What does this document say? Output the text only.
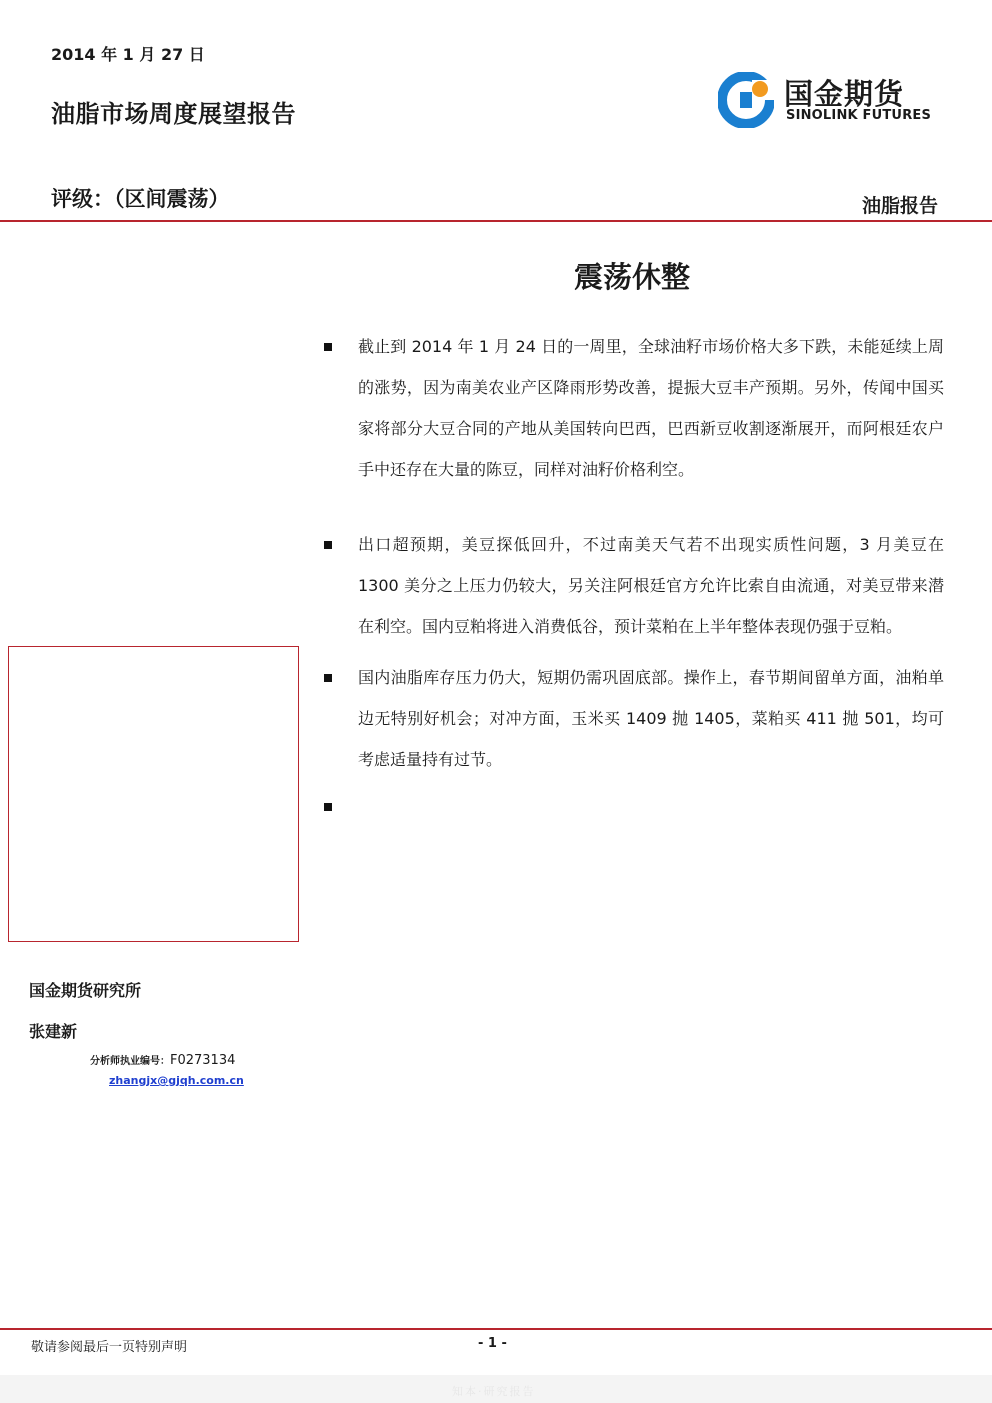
2014 年 1 月 27 日
油脂市场周度展望报告
国金期货
SINOLINK FUTURES
评级：（区间震荡）	油脂报告
震荡休整
截止到 2014 年 1 月 24 日的一周里，全球油籽市场价格大多下跌，未能延续上周的涨势，因为南美农业产区降雨形势改善，提振大豆丰产预期。另外，传闻中国买家将部分大豆合同的产地从美国转向巴西，巴西新豆收割逐渐展开，而阿根廷农户手中还存在大量的陈豆，同样对油籽价格利空。
出口超预期，美豆探低回升，不过南美天气若不出现实质性问题，3 月美豆在 1300 美分之上压力仍较大，另关注阿根廷官方允许比索自由流通，对美豆带来潜在利空。国内豆粕将进入消费低谷，预计菜粕在上半年整体表现仍强于豆粕。
国内油脂库存压力仍大，短期仍需巩固底部。操作上，春节期间留单方面，油粕单边无特别好机会；对冲方面，玉米买 1409 抛 1405，菜粕买 411 抛 501，均可考虑适量持有过节。
国金期货研究所
张建新
分析师执业编号：F0273134
zhangjx@gjqh.com.cn
敬请参阅最后一页特别声明	- 1 -
知本·研究报告
